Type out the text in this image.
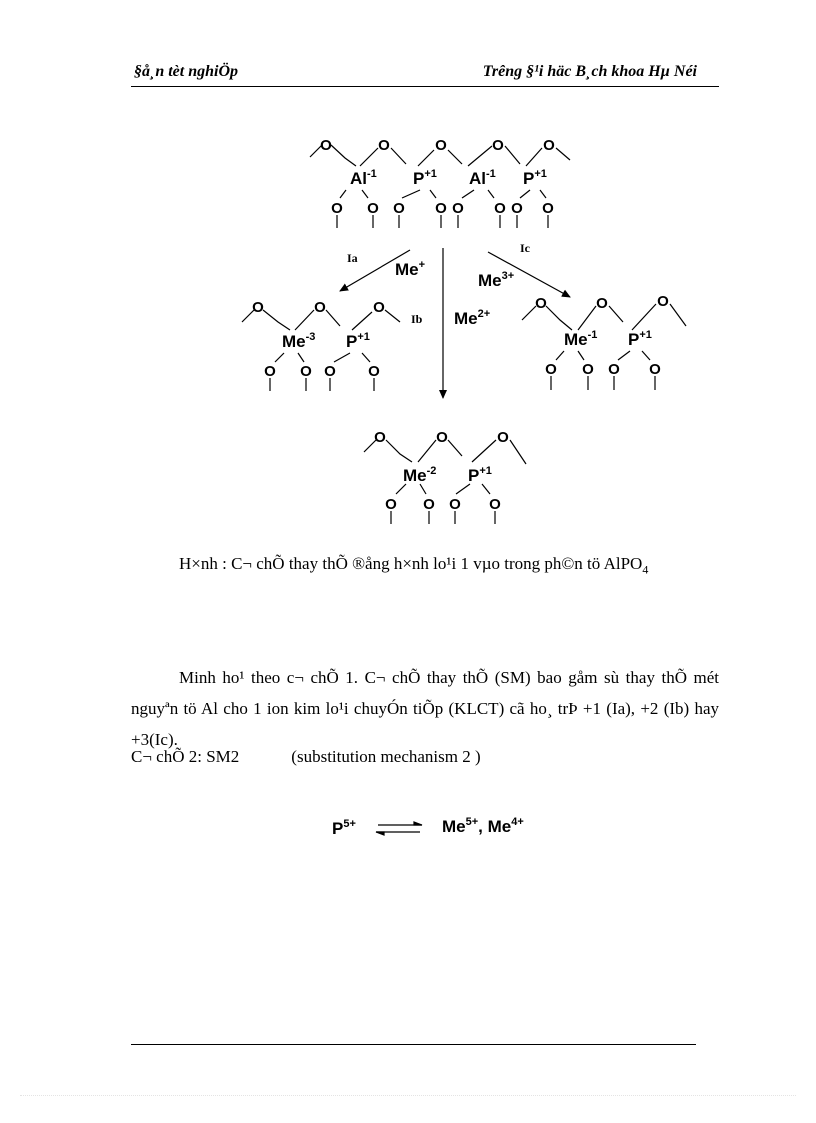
§å¸n tèt nghiÖp	Trêng §¹i häc B¸ch khoa Hµ Néi
O	O	O	O	O
O O O O O O O O
O	O	O
O O O O
O	O	O
O O O O
O	O	O
O O O O
$Al^{-1}$ $P^{+1}$ $Al^{-1}$ $P^{+1}$
Me+
$Me^{2+}$
$Me^{3+}$
$Me^{-3}$ $P^{+1}$	$Me^{-1}$ $P^{+1}$
$Me^{-2}$ $P^{+1}$
Ia
Ib
Ic
H×nh : C¬ chÕ thay thÕ ®ång h×nh lo¹i 1 vµo trong ph©n tö AlPO$_4$
Minh ho¹ theo c¬ chÕ 1. C¬ chÕ thay thÕ (SM) bao gåm sù thay thÕ mét nguyªn tö Al cho 1 ion kim lo¹i chuyÓn tiÕp (KLCT) cã ho¸ trÞ +1 (Ia), +2 (Ib) hay +3(Ic).
C¬ chÕ 2: SM2	(substitution mechanism 2 )
$P^{5+}$	$Me^{5+}$, $Me^{4+}$
